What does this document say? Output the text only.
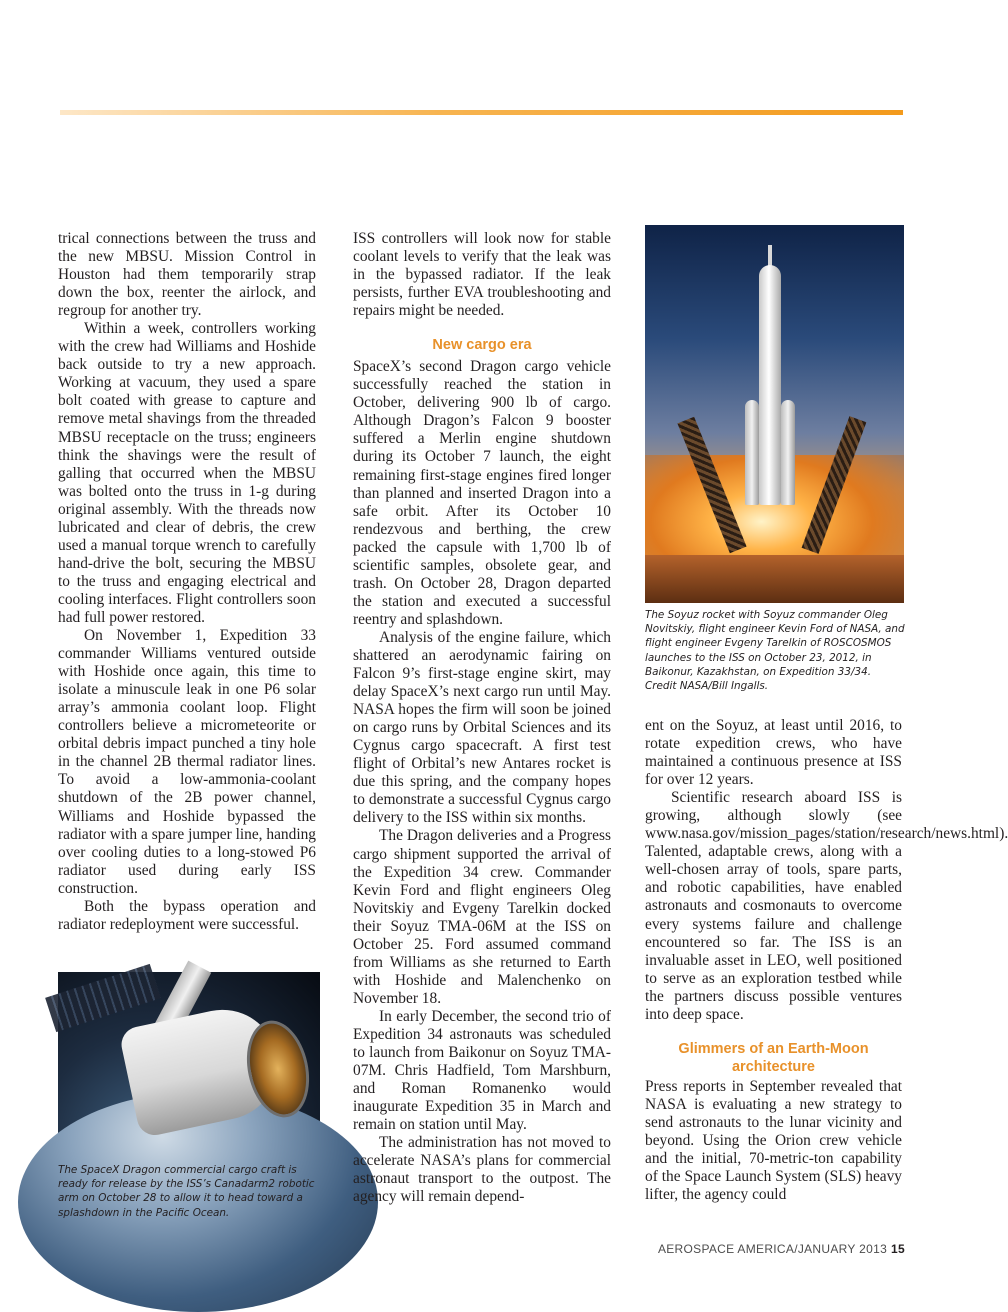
trical connections between the truss and the new MBSU. Mission Control in Houston had them temporarily strap down the box, reenter the airlock, and regroup for another try.

Within a week, controllers working with the crew had Williams and Hoshide back outside to try a new approach. Working at vacuum, they used a spare bolt coated with grease to capture and remove metal shavings from the threaded MBSU receptacle on the truss; engineers think the shavings were the result of galling that occurred when the MBSU was bolted onto the truss in 1-g during original assembly. With the threads now lubricated and clear of debris, the crew used a manual torque wrench to carefully hand-drive the bolt, securing the MBSU to the truss and engaging electrical and cooling interfaces. Flight controllers soon had full power restored.

On November 1, Expedition 33 commander Williams ventured outside with Hoshide once again, this time to isolate a minuscule leak in one P6 solar array’s ammonia coolant loop. Flight controllers believe a micrometeorite or orbital debris impact punched a tiny hole in the channel 2B thermal radiator lines. To avoid a low-ammonia-coolant shutdown of the 2B power channel, Williams and Hoshide bypassed the radiator with a spare jumper line, handing over cooling duties to a long-stowed P6 radiator used during early ISS construction.

Both the bypass operation and radiator redeployment were successful.

The SpaceX Dragon commercial cargo craft is ready for release by the ISS’s Canadarm2 robotic arm on October 28 to allow it to head toward a splashdown in the Pacific Ocean.

ISS controllers will look now for stable coolant levels to verify that the leak was in the bypassed radiator. If the leak persists, further EVA troubleshooting and repairs might be needed.

New cargo era

SpaceX’s second Dragon cargo vehicle successfully reached the station in October, delivering 900 lb of cargo. Although Dragon’s Falcon 9 booster suffered a Merlin engine shutdown during its October 7 launch, the eight remaining first-stage engines fired longer than planned and inserted Dragon into a safe orbit. After its October 10 rendezvous and berthing, the crew packed the capsule with 1,700 lb of scientific samples, obsolete gear, and trash. On October 28, Dragon departed the station and executed a successful reentry and splashdown.

Analysis of the engine failure, which shattered an aerodynamic fairing on Falcon 9’s first-stage engine skirt, may delay SpaceX’s next cargo run until May. NASA hopes the firm will soon be joined on cargo runs by Orbital Sciences and its Cygnus cargo spacecraft. A first test flight of Orbital’s new Antares rocket is due this spring, and the company hopes to demonstrate a successful Cygnus cargo delivery to the ISS within six months.

The Dragon deliveries and a Progress cargo shipment supported the arrival of the Expedition 34 crew. Commander Kevin Ford and flight engineers Oleg Novitskiy and Evgeny Tarelkin docked their Soyuz TMA-06M at the ISS on October 25. Ford assumed command from Williams as she returned to Earth with Hoshide and Malenchenko on November 18.

In early December, the second trio of Expedition 34 astronauts was scheduled to launch from Baikonur on Soyuz TMA-07M. Chris Hadfield, Tom Marshburn, and Roman Romanenko would inaugurate Expedition 35 in March and remain on station until May.

The administration has not moved to accelerate NASA’s plans for commercial astronaut transport to the outpost. The agency will remain depend-

The Soyuz rocket with Soyuz commander Oleg Novitskiy, flight engineer Kevin Ford of NASA, and flight engineer Evgeny Tarelkin of ROSCOSMOS launches to the ISS on October 23, 2012, in Baikonur, Kazakhstan, on Expedition 33/34. Credit NASA/Bill Ingalls.

ent on the Soyuz, at least until 2016, to rotate expedition crews, who have maintained a continuous presence at ISS for over 12 years.

Scientific research aboard ISS is growing, although slowly (see www.nasa.gov/mission_pages/station/research/news.html). Talented, adaptable crews, along with a well-chosen array of tools, spare parts, and robotic capabilities, have enabled astronauts and cosmonauts to overcome every systems failure and challenge encountered so far. The ISS is an invaluable asset in LEO, well positioned to serve as an exploration testbed while the partners discuss possible ventures into deep space.

Glimmers of an Earth-Moon architecture

Press reports in September revealed that NASA is evaluating a new strategy to send astronauts to the lunar vicinity and beyond. Using the Orion crew vehicle and the initial, 70-metric-ton capability of the Space Launch System (SLS) heavy lifter, the agency could

AEROSPACE AMERICA/JANUARY 2013 15
